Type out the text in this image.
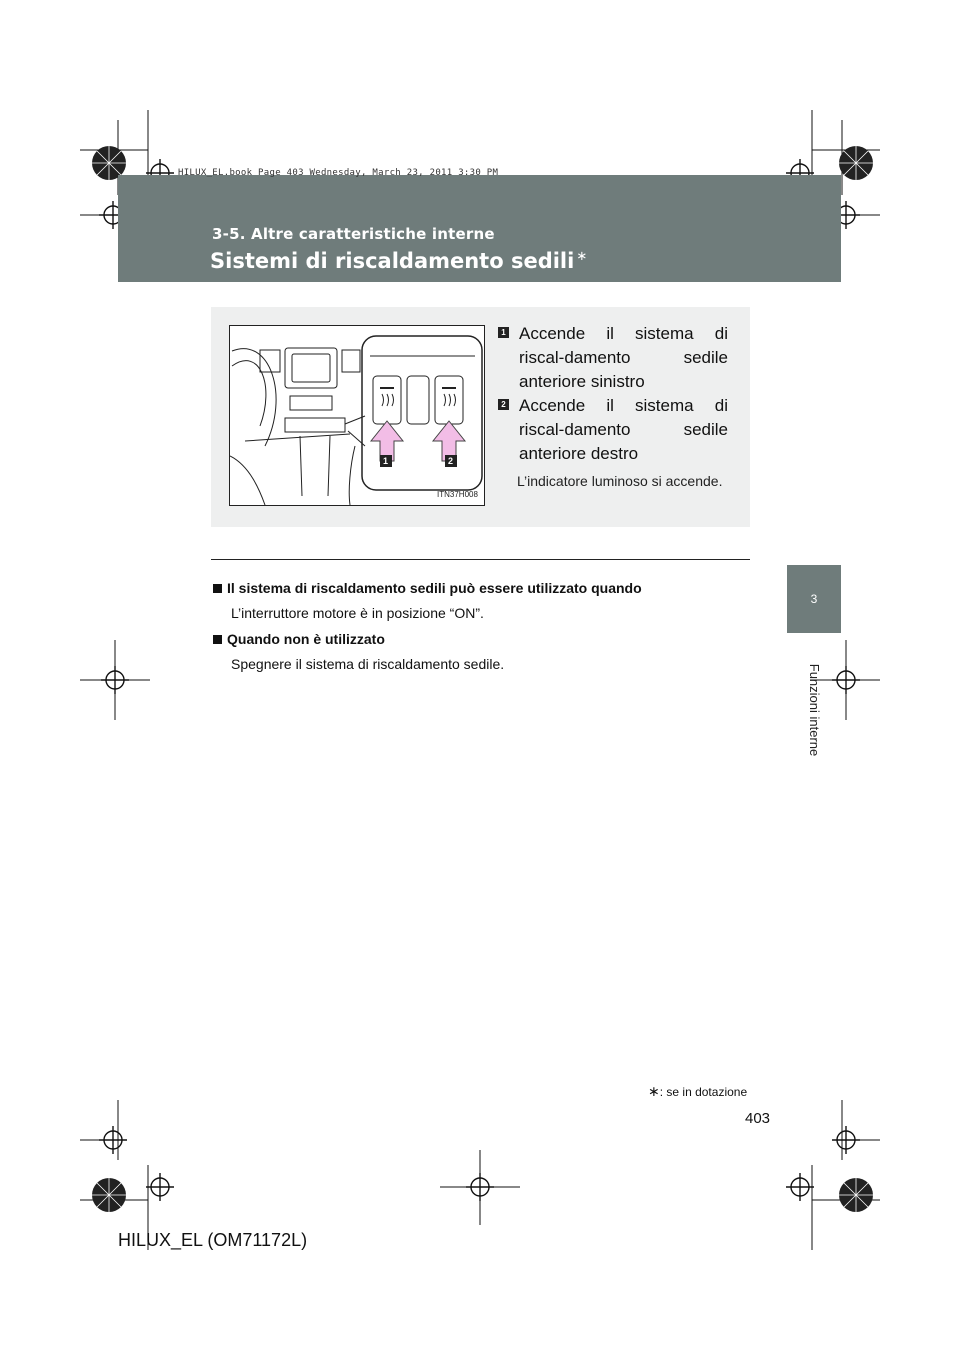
HILUX_EL.book Page 403 Wednesday, March 23, 2011 3:30 PM
3-5. Altre caratteristiche interne
Sistemi di riscaldamento sedili ∗
3
Funzioni interne
1	2
ITN37H008
1 Accende il sistema di riscal-damento sedile anteriore sinistro
2 Accende il sistema di riscal-damento sedile anteriore destro
L’indicatore luminoso si accende.
Il sistema di riscaldamento sedili può essere utilizzato quando
L’interruttore motore è in posizione “ON”.
Quando non è utilizzato
Spegnere il sistema di riscaldamento sedile.
∗: se in dotazione
403
HILUX_EL (OM71172L)
